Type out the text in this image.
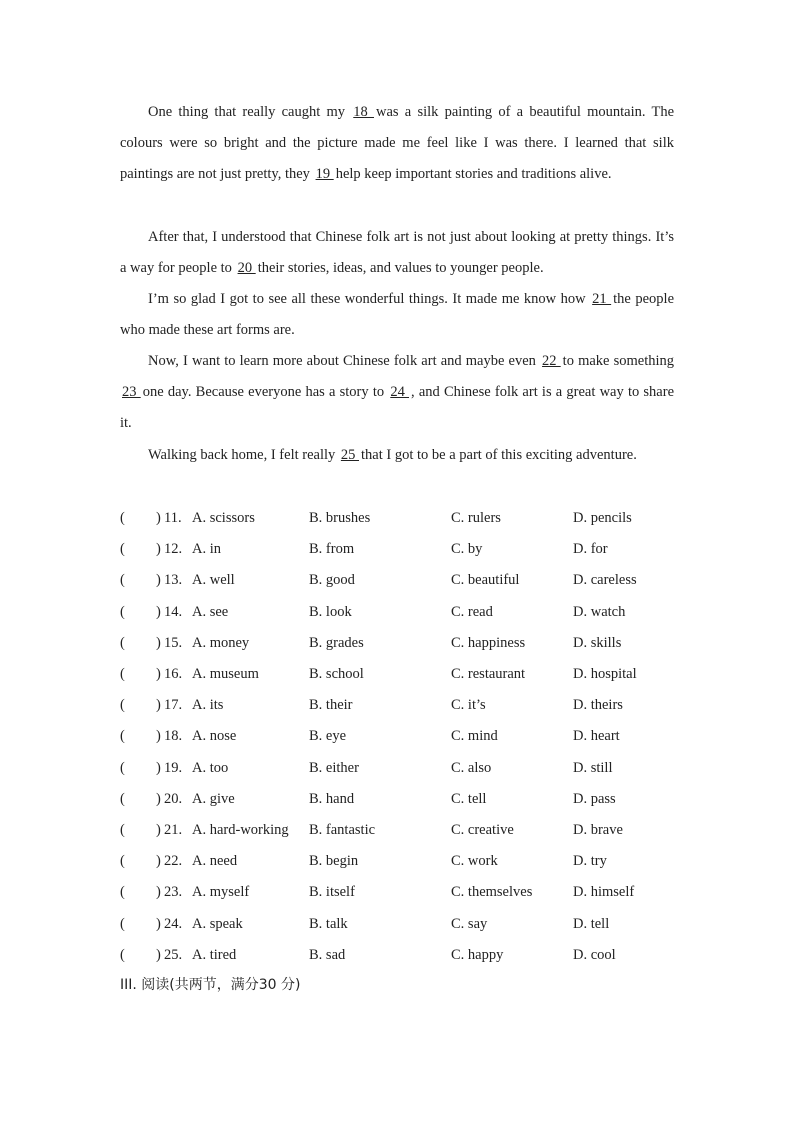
One thing that really caught my 18 was a silk painting of a beautiful mountain. The colours were so bright and the picture made me feel like I was there. I learned that silk paintings are not just pretty, they 19 help keep important stories and traditions alive.

After that, I understood that Chinese folk art is not just about looking at pretty things. It’s a way for people to 20 their stories, ideas, and values to younger people.

I’m so glad I got to see all these wonderful things. It made me know how 21 the people who made these art forms are.

Now, I want to learn more about Chinese folk art and maybe even 22 to make something 23 one day. Because everyone has a story to 24 , and Chinese folk art is a great way to share it.

Walking back home, I felt really 25 that I got to be a part of this exciting adventure.

( ) 11. A. scissors	B. brushes	C. rulers	D. pencils
( ) 12. A. in	B. from	C. by	D. for
( ) 13. A. well	B. good	C. beautiful	D. careless
( ) 14. A. see	B. look	C. read	D. watch
( ) 15. A. money	B. grades	C. happiness	D. skills
( ) 16. A. museum	B. school	C. restaurant	D. hospital
( ) 17. A. its	B. their	C. it’s	D. theirs
( ) 18. A. nose	B. eye	C. mind	D. heart
( ) 19. A. too	B. either	C. also	D. still
( ) 20. A. give	B. hand	C. tell	D. pass
( ) 21. A. hard-working B. fantastic	C. creative	D. brave
( ) 22. A. need	B. begin	C. work	D. try
( ) 23. A. myself	B. itself	C. themselves	D. himself
( ) 24. A. speak	B. talk	C. say	D. tell
( ) 25. A. tired	B. sad	C. happy	D. cool
III. 阅读(共两节，满分30 分)
